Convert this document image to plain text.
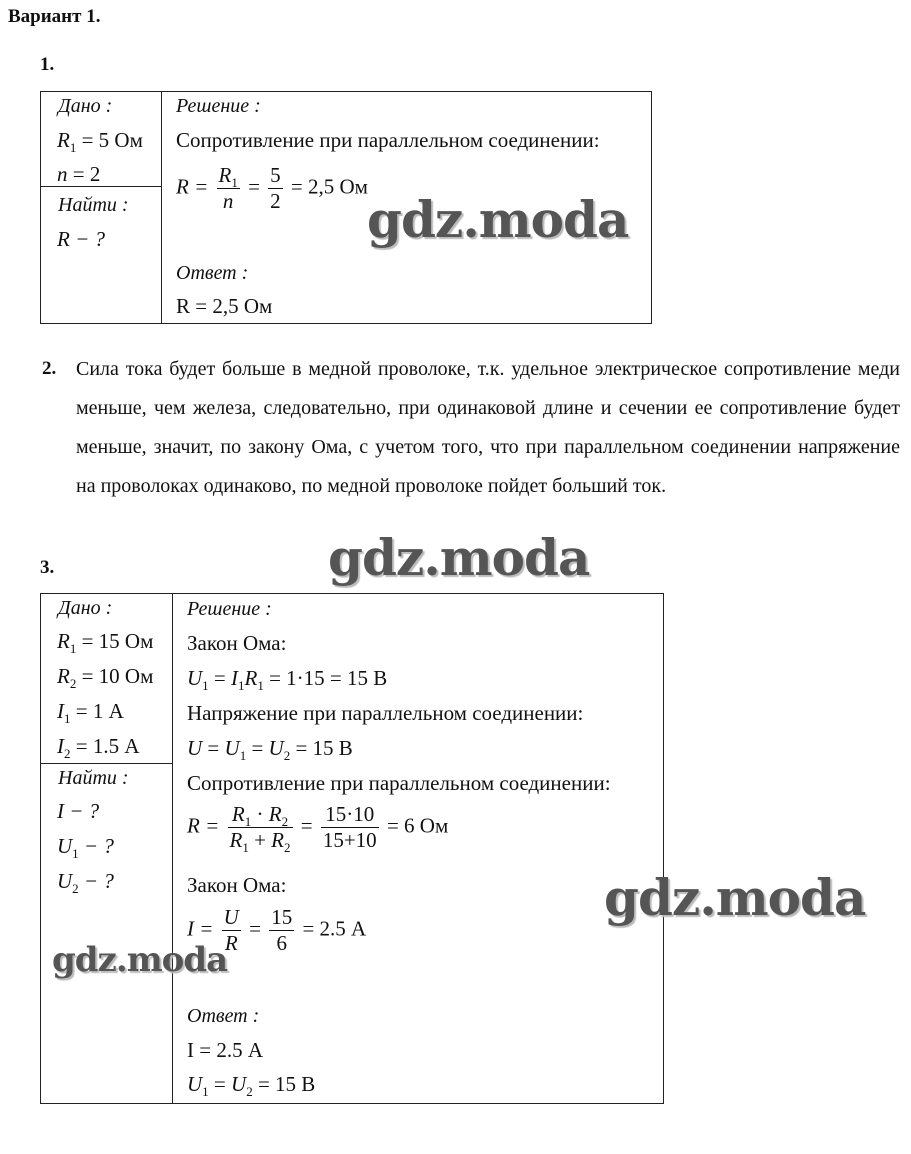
Вариант 1.
1.
Дано :
$R_1 = 5$ Ом
n = 2
Найти :
R − ?
Решение :
Сопротивление при параллельном соединении:
$R = \frac{R_1}{n} = \frac{5}{2} = 2,5$ Ом
Ответ :
R = 2,5 Ом
gdz.moda
2. Сила тока будет больше в медной проволоке, т.к. удельное электрическое сопротивление меди меньше, чем железа, следовательно, при одинаковой длине и сечении ее сопротивление будет меньше, значит, по закону Ома, с учетом того, что при параллельном соединении напряжение на проволоках одинаково, по медной проволоке пойдет больший ток.
gdz.moda
3.
Дано :
$R_1 = 15$ Ом
$R_2 = 10$ Ом
$I_1 = 1$ А
$I_2 = 1.5$ А
Найти :
I − ?
$U_1$ − ?
$U_2$ − ?
Решение :
Закон Ома:
$U_1 = I_1R_1 = 1\cdot 15 = 15$ В
Напряжение при параллельном соединении:
$U = U_1 = U_2 = 15$ В
Сопротивление при параллельном соединении:
$R = \frac{R_1 \cdot R_2}{R_1 + R_2} = \frac{15\cdot 10}{15+10} = 6$ Ом
Закон Ома:
$I = \frac{U}{R} = \frac{15}{6} = 2.5$ А
Ответ :
I = 2.5 А
$U_1 = U_2 = 15$ В
gdz.moda
gdz.moda
